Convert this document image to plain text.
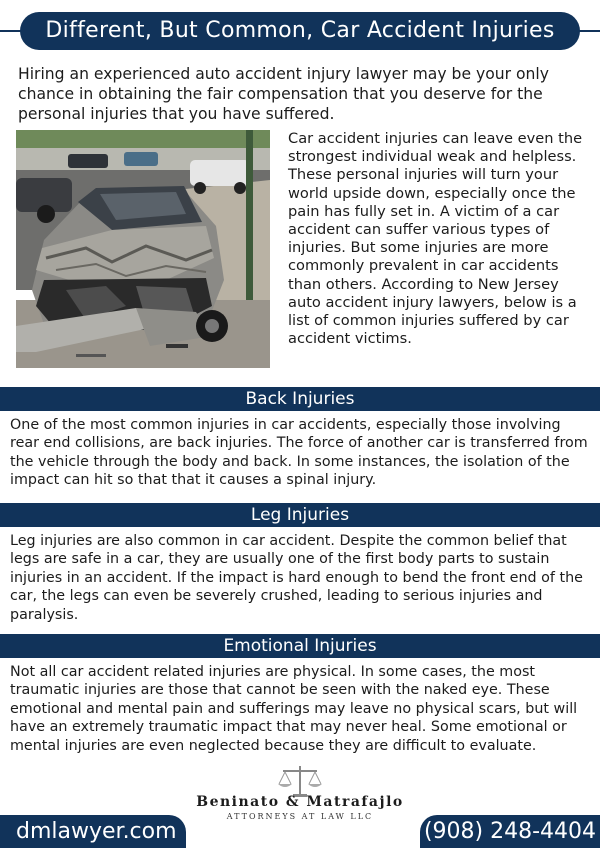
Different, But Common, Car Accident Injuries

Hiring an experienced auto accident injury lawyer may be your only chance in obtaining the fair compensation that you deserve for the personal injuries that you have suffered.

Car accident injuries can leave even the strongest individual weak and helpless. These personal injuries will turn your world upside down, especially once the pain has fully set in. A victim of a car accident can suffer various types of injuries. But some injuries are more commonly prevalent in car accidents than others. According to New Jersey auto accident injury lawyers, below is a list of common injuries suffered by car accident victims.

Back Injuries

One of the most common injuries in car accidents, especially those involving rear end collisions, are back injuries. The force of another car is transferred from the vehicle through the body and back. In some instances, the isolation of the impact can hit so that that it causes a spinal injury.

Leg Injuries

Leg injuries are also common in car accident. Despite the common belief that legs are safe in a car, they are usually one of the first body parts to sustain injuries in an accident. If the impact is hard enough to bend the front end of the car, the legs can even be severely crushed, leading to serious injuries and paralysis.

Emotional Injuries

Not all car accident related injuries are physical. In some cases, the most traumatic injuries are those that cannot be seen with the naked eye. These emotional and mental pain and sufferings may leave no physical scars, but will have an extremely traumatic impact that may never heal. Some emotional or mental injuries are even neglected because they are difficult to evaluate.

Beninato & Matrafajlo
ATTORNEYS AT LAW LLC
dmlawyer.com	(908) 248-4404
